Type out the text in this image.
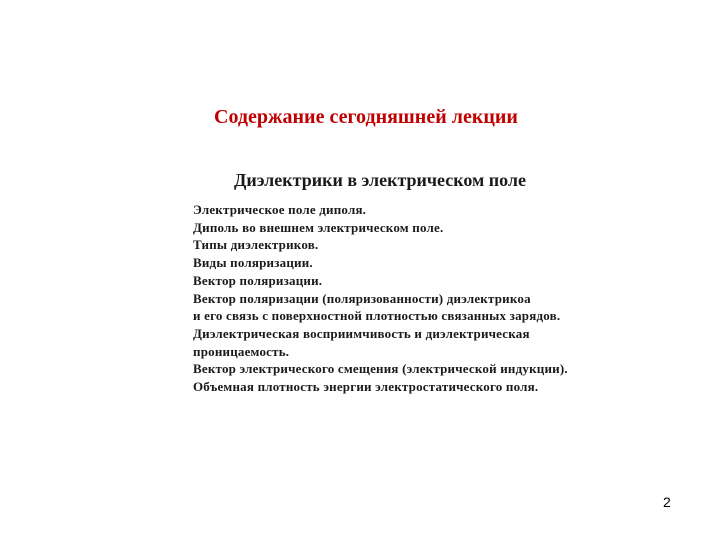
Содержание сегодняшней лекции
Диэлектрики в электрическом поле
Электрическое поле диполя.
Диполь во внешнем электрическом поле.
Типы диэлектриков.
Виды поляризации.
Вектор поляризации.
Вектор поляризации (поляризованности) диэлектрикоа
и его связь с поверхностной плотностью связанных зарядов.
Диэлектрическая восприимчивость и диэлектрическая
проницаемость.
Вектор электрического смещения (электрической индукции).
Объемная плотность энергии электростатического поля.
2
